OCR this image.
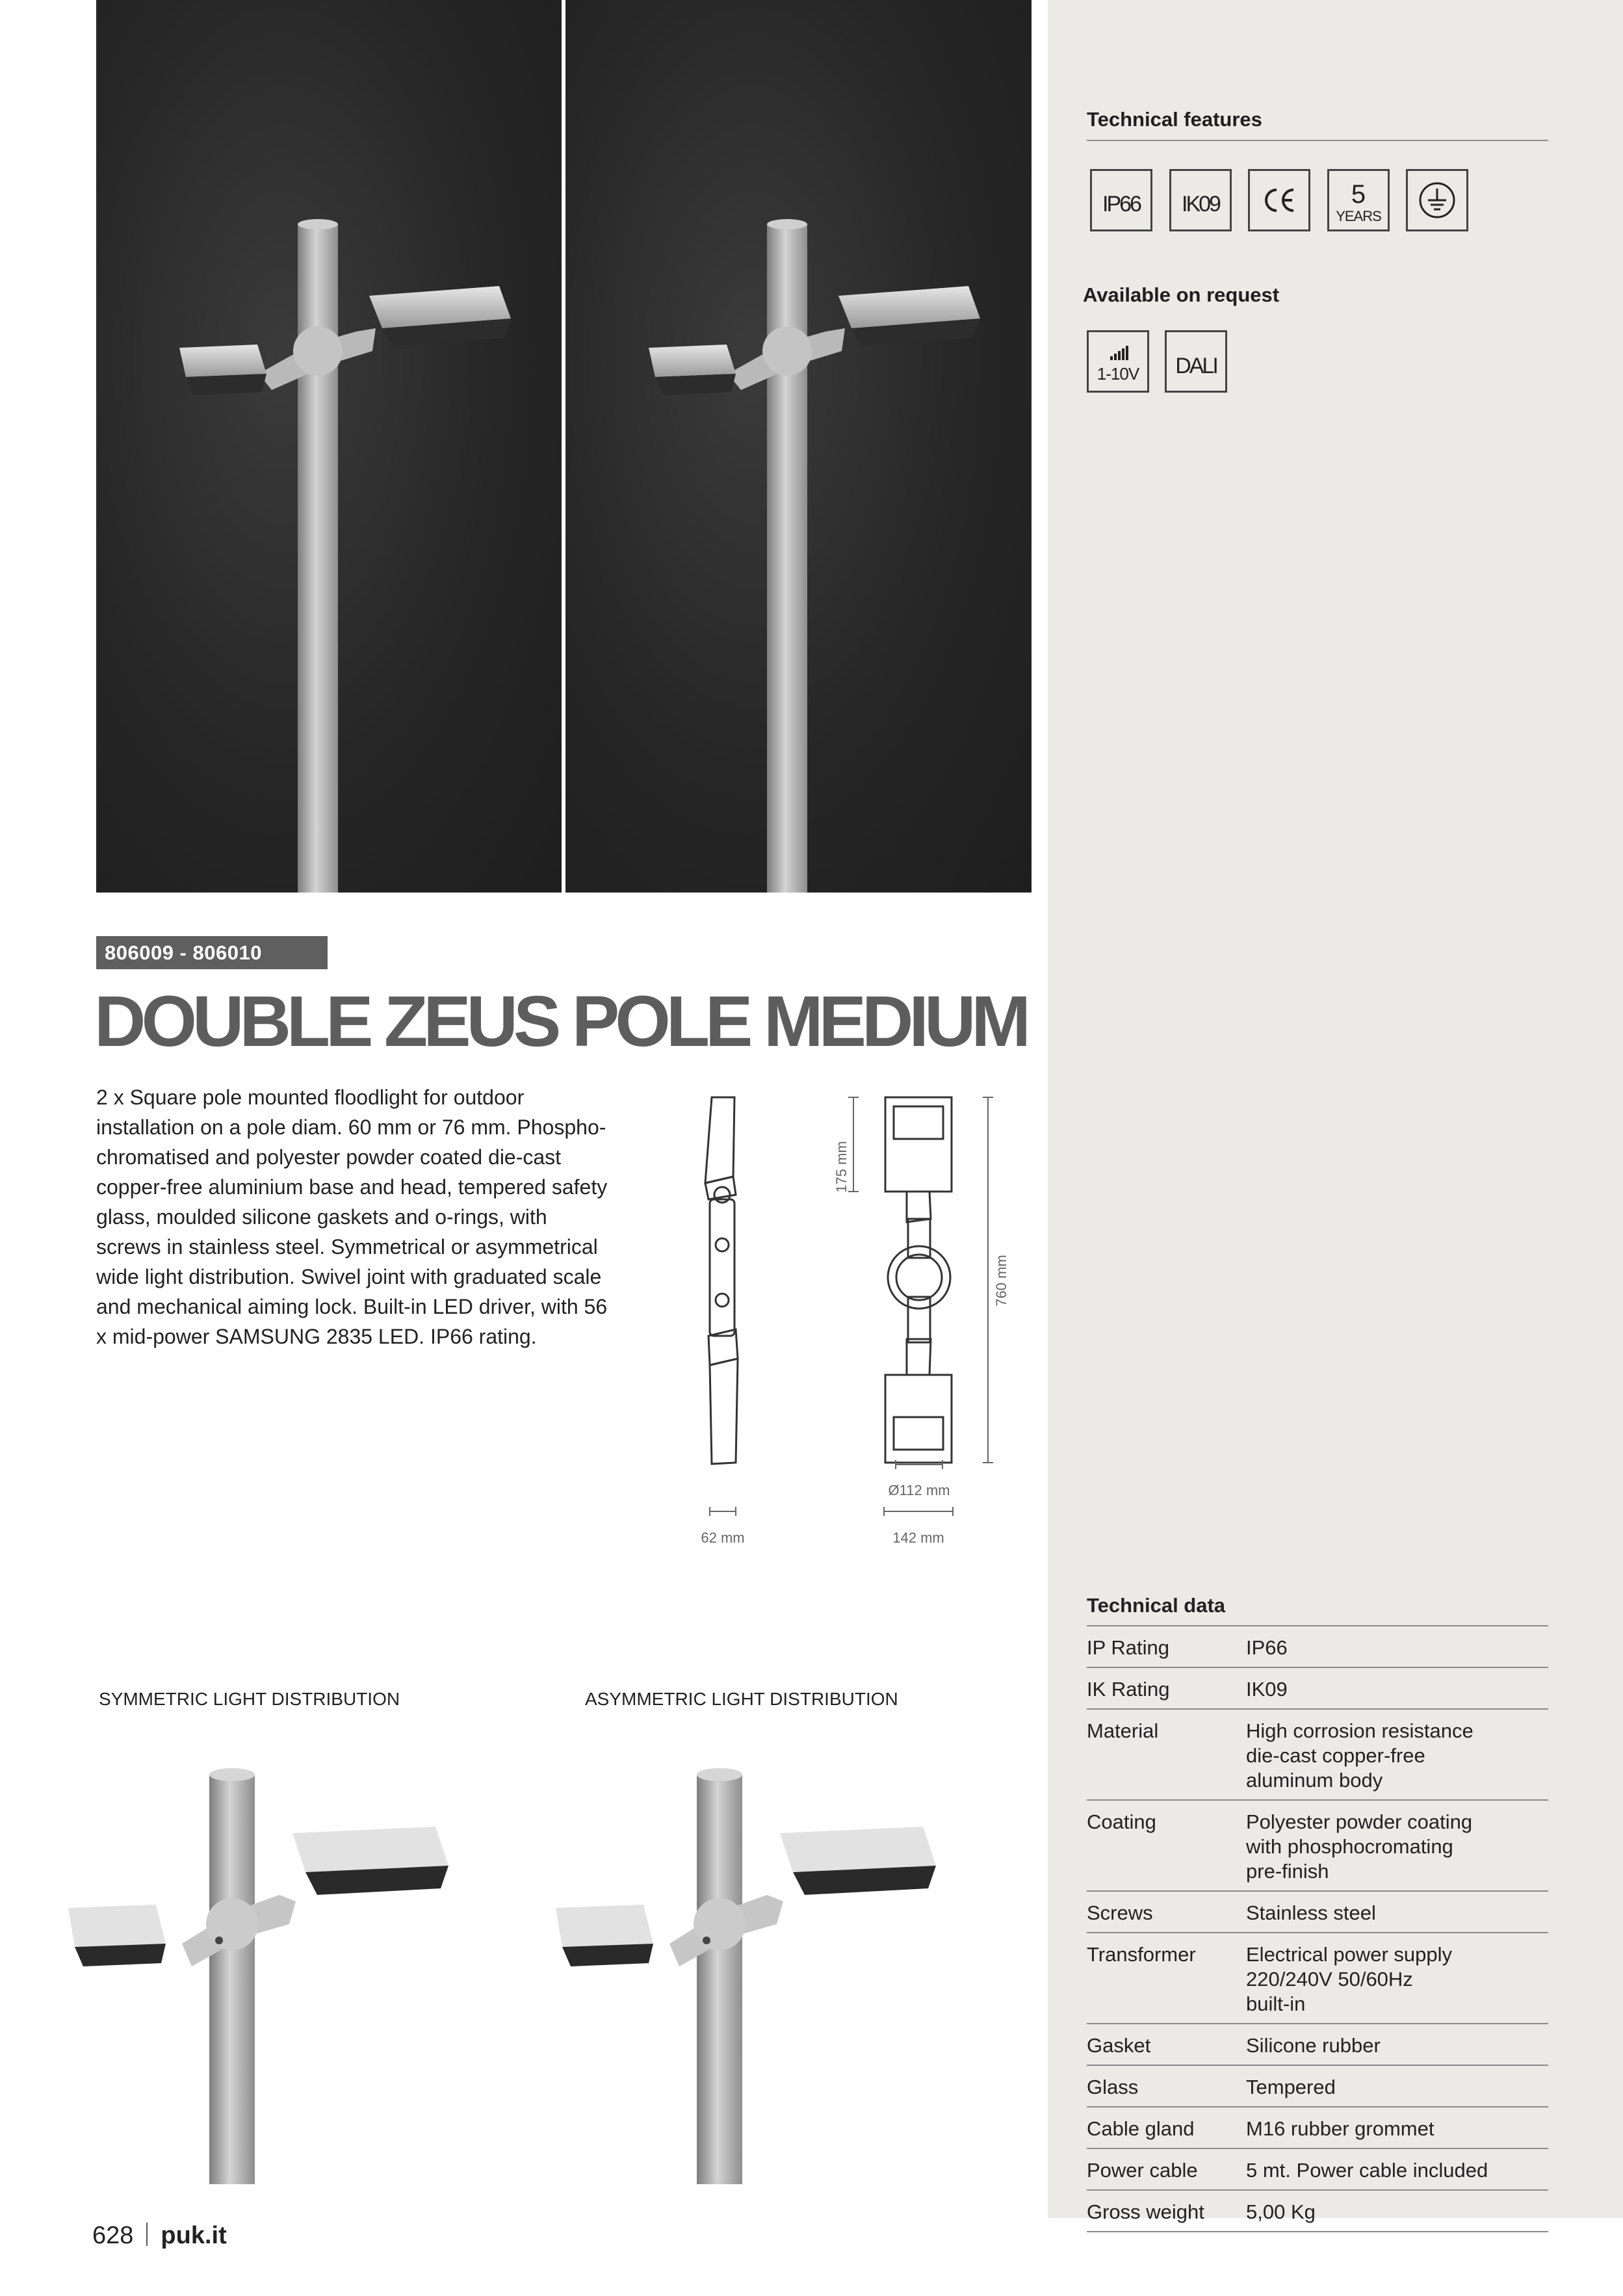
Technical features
IP66 IK09	5
YEARS
Available on request
1-10V DALI
806009 - 806010
DOUBLE ZEUS POLE MEDIUM
2 x Square pole mounted floodlight for outdoor installation on a pole diam. 60 mm or 76 mm. Phospho-chromatised and polyester powder coated die-cast copper-free aluminium base and head, tempered safety glass, moulded silicone gaskets and o-rings, with screws in stainless steel. Symmetrical or asymmetrical wide light distribution. Swivel joint with graduated scale and mechanical aiming lock. Built-in LED driver, with 56 x mid-power SAMSUNG 2835 LED. IP66 rating.
175 mm
760 mm
Ø112 mm
62 mm	142 mm
SYMMETRIC LIGHT DISTRIBUTION	ASYMMETRIC LIGHT DISTRIBUTION
Technical data
IP Rating	IP66
IK Rating	IK09
Material	High corrosion resistance
die-cast copper-free
aluminum body
Coating	Polyester powder coating
with phosphocromating
pre-finish
Screws	Stainless steel
Transformer	Electrical power supply
220/240V 50/60Hz
built-in
Gasket	Silicone rubber
Glass	Tempered
Cable gland	M16 rubber grommet
Power cable	5 mt. Power cable included
Gross weight	5,00 Kg
628 puk.it
